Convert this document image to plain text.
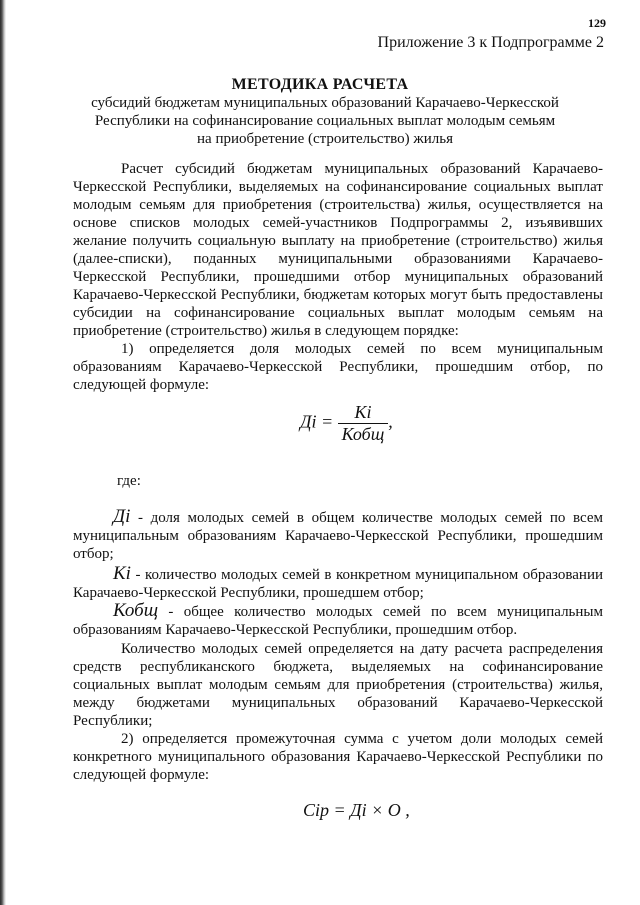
129
Приложение 3 к Подпрограмме 2
МЕТОДИКА РАСЧЕТА
субсидий бюджетам муниципальных образований Карачаево-Черкесской Республики на софинансирование социальных выплат молодым семьям на приобретение (строительство) жилья

Расчет субсидий бюджетам муниципальных образований Карачаево-Черкесской Республики, выделяемых на софинансирование социальных выплат молодым семьям для приобретения (строительства) жилья, осуществляется на основе списков молодых семей-участников Подпрограммы 2, изъявивших желание получить социальную выплату на приобретение (строительство) жилья (далее-списки), поданных муниципальными образованиями Карачаево-Черкесской Республики, прошедшими отбор муниципальных образований Карачаево-Черкесской Республики, бюджетам которых могут быть предоставлены субсидии на софинансирование социальных выплат молодым семьям на приобретение (строительство) жилья в следующем порядке:

1) определяется доля молодых семей по всем муниципальным образованиям Карачаево-Черкесской Республики, прошедшим отбор, по следующей формуле:

Дi = $\frac{Ki}{\text{Кобщ}}$ ,

где:

Дi - доля молодых семей в общем количестве молодых семей по всем муниципальным образованиям Карачаево-Черкесской Республики, прошедшим отбор;

Ki - количество молодых семей в конкретном муниципальном образовании Карачаево-Черкесской Республики, прошедшем отбор;

Кобщ - общее количество молодых семей по всем муниципальным образованиям Карачаево-Черкесской Республики, прошедшим отбор.

Количество молодых семей определяется на дату расчета распределения средств республиканского бюджета, выделяемых на софинансирование социальных выплат молодым семьям для приобретения (строительства) жилья, между бюджетами муниципальных образований Карачаево-Черкесской Республики;

2) определяется промежуточная сумма с учетом доли молодых семей конкретного муниципального образования Карачаево-Черкесской Республики по следующей формуле:

Сip = Дi × O ,
